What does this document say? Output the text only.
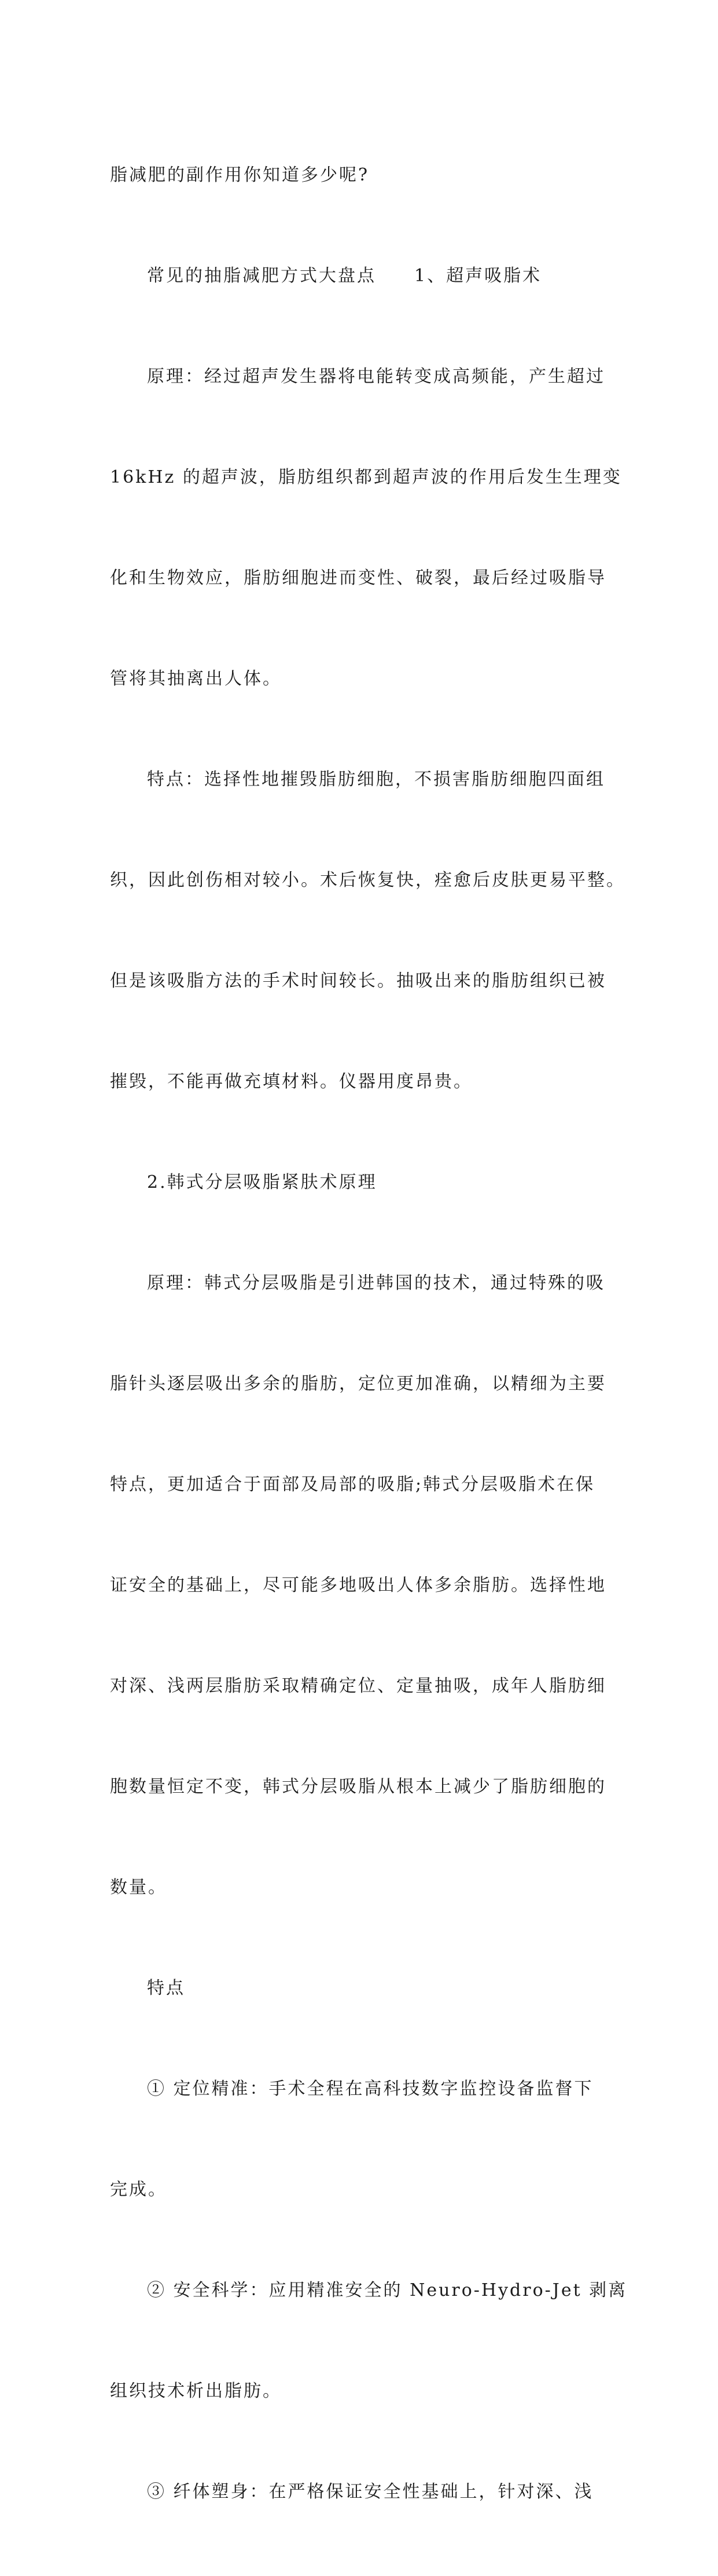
脂减肥的副作用你知道多少呢?

常见的抽脂减肥方式大盘点　　1、超声吸脂术

原理：经过超声发生器将电能转变成高频能，产生超过

16kHz 的超声波，脂肪组织都到超声波的作用后发生生理变

化和生物效应，脂肪细胞进而变性、破裂，最后经过吸脂导

管将其抽离出人体。

特点：选择性地摧毁脂肪细胞，不损害脂肪细胞四面组

织，因此创伤相对较小。术后恢复快，痊愈后皮肤更易平整。

但是该吸脂方法的手术时间较长。抽吸出来的脂肪组织已被

摧毁，不能再做充填材料。仪器用度昂贵。

2.韩式分层吸脂紧肤术原理

原理：韩式分层吸脂是引进韩国的技术，通过特殊的吸

脂针头逐层吸出多余的脂肪，定位更加准确，以精细为主要

特点，更加适合于面部及局部的吸脂;韩式分层吸脂术在保

证安全的基础上，尽可能多地吸出人体多余脂肪。选择性地

对深、浅两层脂肪采取精确定位、定量抽吸，成年人脂肪细

胞数量恒定不变，韩式分层吸脂从根本上减少了脂肪细胞的

数量。

特点

① 定位精准：手术全程在高科技数字监控设备监督下

完成。

② 安全科学：应用精准安全的 Neuro-Hydro-Jet 剥离

组织技术析出脂肪。

③ 纤体塑身：在严格保证安全性基础上，针对深、浅
